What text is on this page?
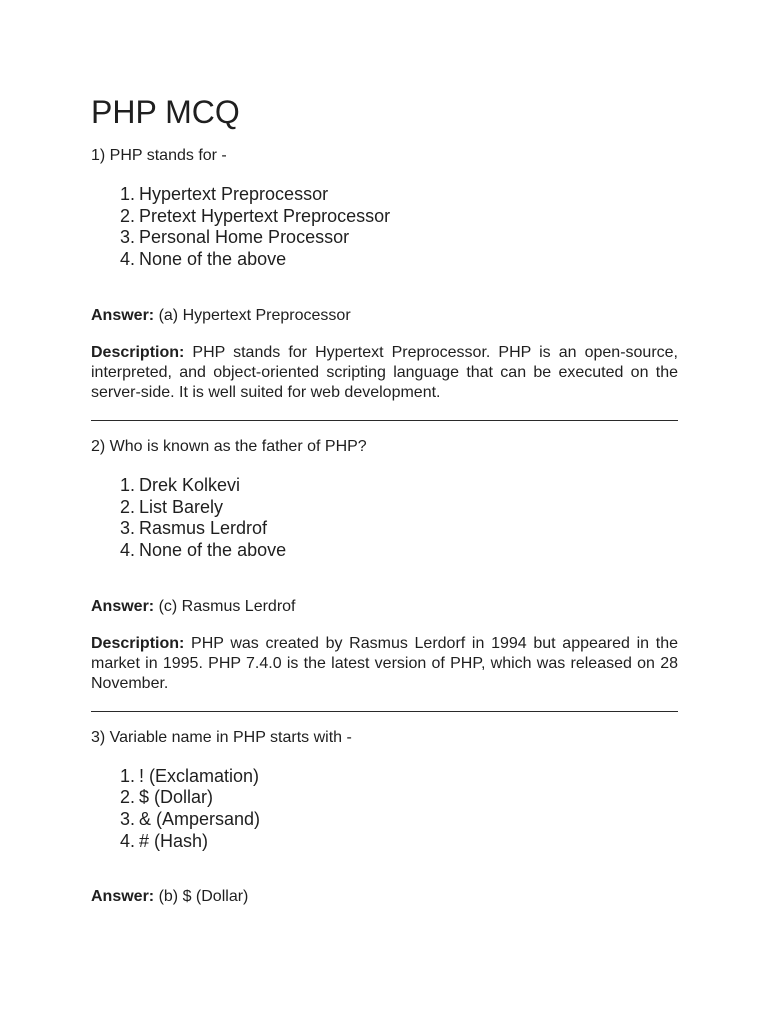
PHP MCQ

1) PHP stands for -

1. Hypertext Preprocessor
2. Pretext Hypertext Preprocessor
3. Personal Home Processor
4. None of the above

Answer: (a) Hypertext Preprocessor

Description: PHP stands for Hypertext Preprocessor. PHP is an open-source, interpreted, and object-oriented scripting language that can be executed on the server-side. It is well suited for web development.

2) Who is known as the father of PHP?

1. Drek Kolkevi
2. List Barely
3. Rasmus Lerdrof
4. None of the above

Answer: (c) Rasmus Lerdrof

Description: PHP was created by Rasmus Lerdorf in 1994 but appeared in the market in 1995. PHP 7.4.0 is the latest version of PHP, which was released on 28 November.

3) Variable name in PHP starts with -

1. ! (Exclamation)
2. $ (Dollar)
3. & (Ampersand)
4. # (Hash)

Answer: (b) $ (Dollar)
